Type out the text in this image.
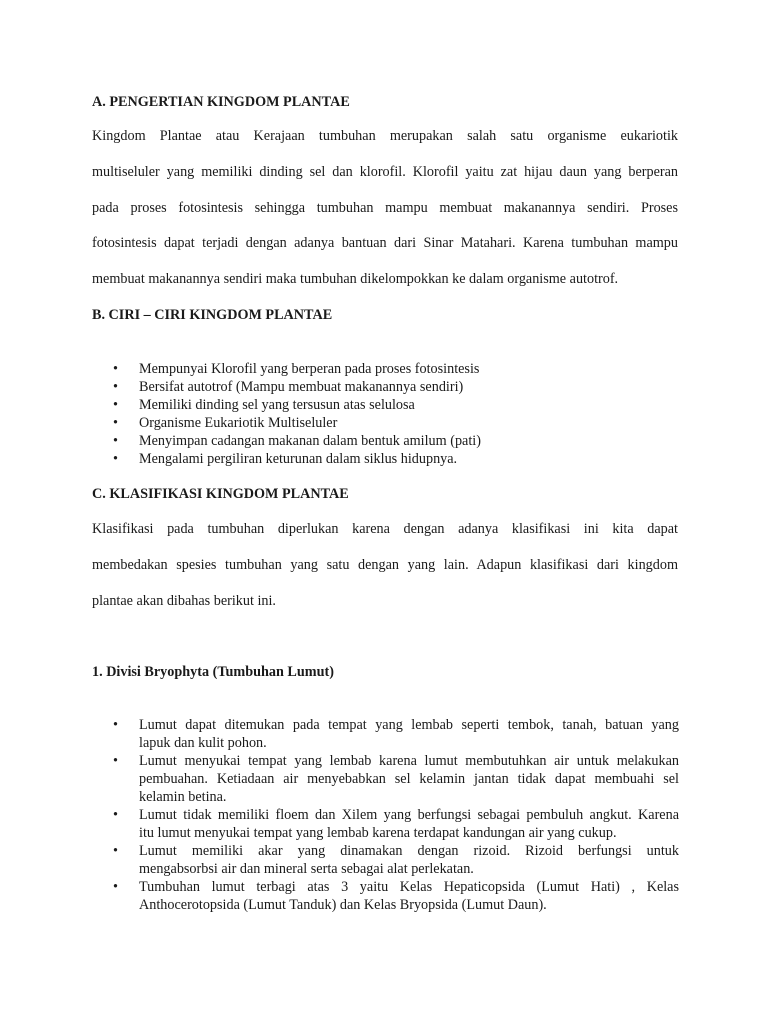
A. PENGERTIAN KINGDOM PLANTAE
Kingdom Plantae atau Kerajaan tumbuhan merupakan salah satu organisme eukariotik
multiseluler yang memiliki dinding sel dan klorofil. Klorofil yaitu zat hijau daun yang berperan
pada proses fotosintesis sehingga tumbuhan mampu membuat makanannya sendiri. Proses
fotosintesis dapat terjadi dengan adanya bantuan dari Sinar Matahari. Karena tumbuhan mampu
membuat makanannya sendiri maka tumbuhan dikelompokkan ke dalam organisme autotrof.
B. CIRI – CIRI KINGDOM PLANTAE
• Mempunyai Klorofil yang berperan pada proses fotosintesis
• Bersifat autotrof (Mampu membuat makanannya sendiri)
• Memiliki dinding sel yang tersusun atas selulosa
• Organisme Eukariotik Multiseluler
• Menyimpan cadangan makanan dalam bentuk amilum (pati)
• Mengalami pergiliran keturunan dalam siklus hidupnya.
C. KLASIFIKASI KINGDOM PLANTAE
Klasifikasi pada tumbuhan diperlukan karena dengan adanya klasifikasi ini kita dapat
membedakan spesies tumbuhan yang satu dengan yang lain. Adapun klasifikasi dari kingdom
plantae akan dibahas berikut ini.
1. Divisi Bryophyta (Tumbuhan Lumut)
• Lumut dapat ditemukan pada tempat yang lembab seperti tembok, tanah, batuan yang
lapuk dan kulit pohon.
• Lumut menyukai tempat yang lembab karena lumut membutuhkan air untuk melakukan
pembuahan. Ketiadaan air menyebabkan sel kelamin jantan tidak dapat membuahi sel
kelamin betina.
• Lumut tidak memiliki floem dan Xilem yang berfungsi sebagai pembuluh angkut. Karena
itu lumut menyukai tempat yang lembab karena terdapat kandungan air yang cukup.
• Lumut memiliki akar yang dinamakan dengan rizoid. Rizoid berfungsi untuk
mengabsorbsi air dan mineral serta sebagai alat perlekatan.
• Tumbuhan lumut terbagi atas 3 yaitu Kelas Hepaticopsida (Lumut Hati) , Kelas
Anthocerotopsida (Lumut Tanduk) dan Kelas Bryopsida (Lumut Daun).
